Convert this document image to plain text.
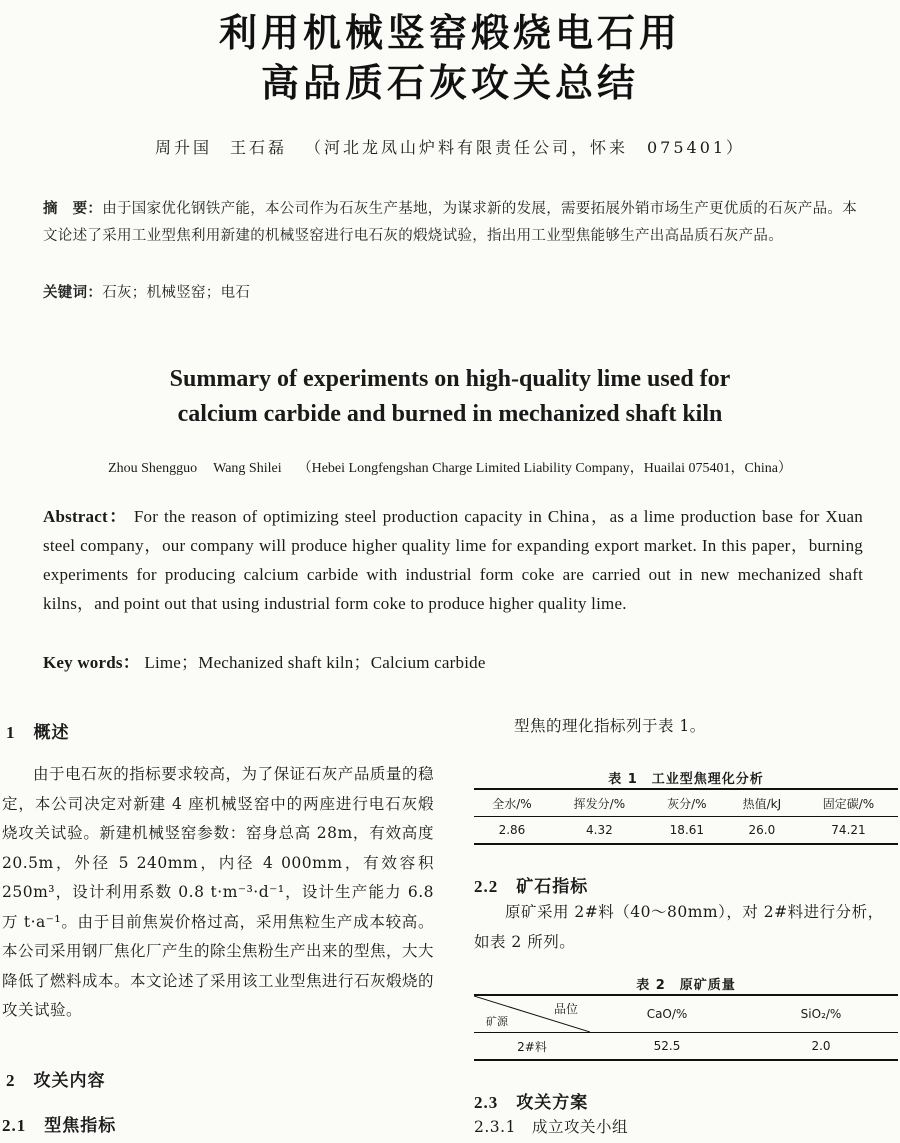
利用机械竖窑煅烧电石用
高品质石灰攻关总结
周升国 王石磊 （河北龙凤山炉料有限责任公司，怀来　075401）
摘　要：由于国家优化钢铁产能，本公司作为石灰生产基地，为谋求新的发展，需要拓展外销市场生产更优质的石灰产品。本文论述了采用工业型焦利用新建的机械竖窑进行电石灰的煅烧试验，指出用工业型焦能够生产出高品质石灰产品。
关键词：石灰；机械竖窑；电石
Summary of experiments on high-quality lime used for
calcium carbide and burned in mechanized shaft kiln
Zhou Shengguo Wang Shilei （Hebei Longfengshan Charge Limited Liability Company，Huailai 075401，China）
Abstract： For the reason of optimizing steel production capacity in China，as a lime production base for Xuan steel company，our company will produce higher quality lime for expanding export market. In this paper，burning experiments for producing calcium carbide with industrial form coke are carried out in new mechanized shaft kilns，and point out that using industrial form coke to produce higher quality lime.
Key words： Lime；Mechanized shaft kiln；Calcium carbide
1 概述

由于电石灰的指标要求较高，为了保证石灰产品质量的稳定，本公司决定对新建 4 座机械竖窑中的两座进行电石灰煅烧攻关试验。新建机械竖窑参数：窑身总高 28m，有效高度 20.5m，外径 5 240mm，内径 4 000mm，有效容积 250m³，设计利用系数 0.8 t·m⁻³·d⁻¹，设计生产能力 6.8 万 t·a⁻¹。由于目前焦炭价格过高，采用焦粒生产成本较高。本公司采用钢厂焦化厂产生的除尘焦粉生产出来的型焦，大大降低了燃料成本。本文论述了采用该工业型焦进行石灰煅烧的攻关试验。

2 攻关内容
2.1 型焦指标
型焦的理化指标列于表 1。
表 1　工业型焦理化分析
全水/%	挥发分/%	灰分/%	热值/kJ	固定碳/%
2.86	4.32	18.61	26.0	74.21
2.2 矿石指标
原矿采用 2#料（40～80mm），对 2#料进行分析，如表 2 所列。
表 2　原矿质量
品位
矿源	CaO/%	SiO₂/%
2#料	52.5	2.0
2.3 攻关方案
2.3.1 成立攻关小组
